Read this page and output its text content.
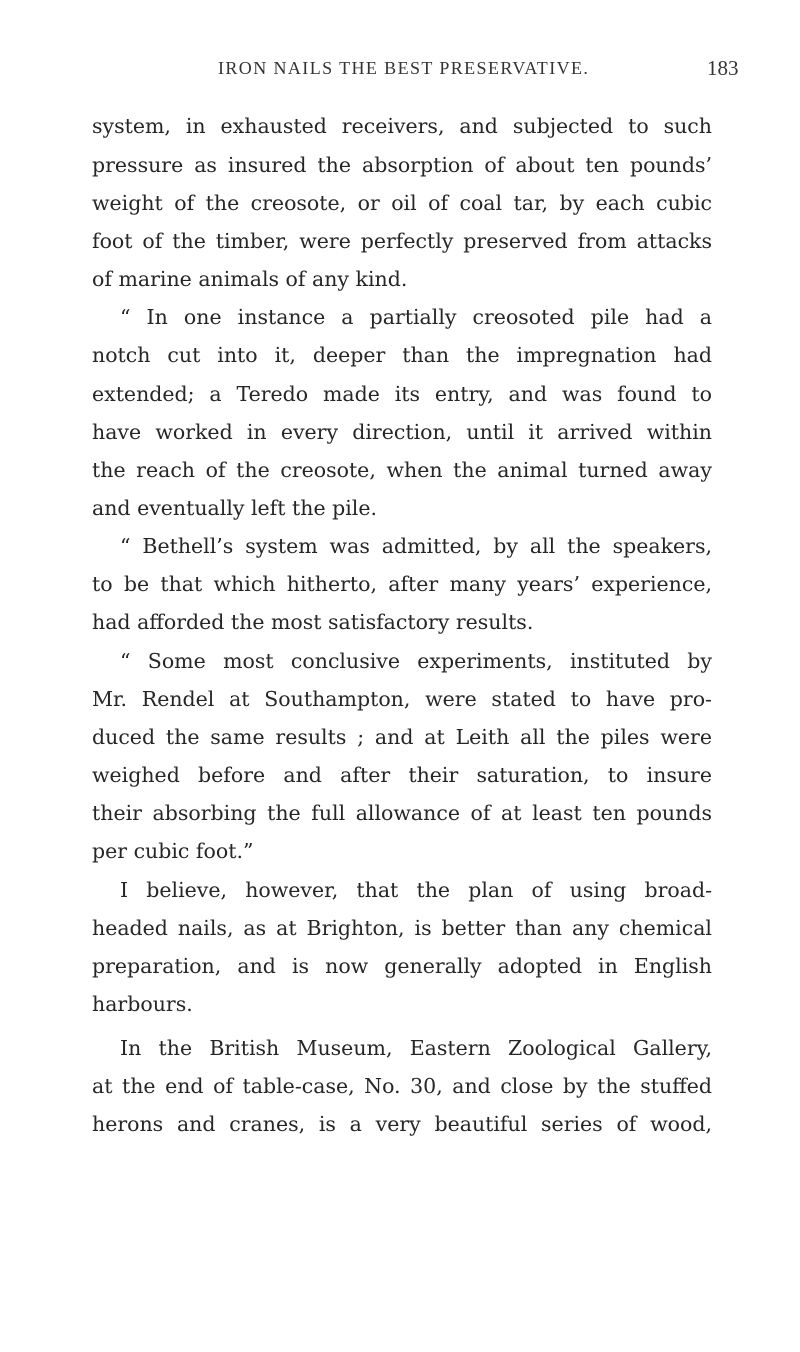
IRON NAILS THE BEST PRESERVATIVE.	183
system, in exhausted receivers, and subjected to such
pressure as insured the absorption of about ten pounds’
weight of the creosote, or oil of coal tar, by each cubic
foot of the timber, were perfectly preserved from attacks
of marine animals of any kind.
“ In one instance a partially creosoted pile had a
notch cut into it, deeper than the impregnation had
extended; a Teredo made its entry, and was found to
have worked in every direction, until it arrived within
the reach of the creosote, when the animal turned away
and eventually left the pile.
“ Bethell’s system was admitted, by all the speakers,
to be that which hitherto, after many years’ experience,
had afforded the most satisfactory results.
“ Some most conclusive experiments, instituted by
Mr. Rendel at Southampton, were stated to have pro-
duced the same results ; and at Leith all the piles were
weighed before and after their saturation, to insure
their absorbing the full allowance of at least ten pounds
per cubic foot.”
I believe, however, that the plan of using broad-
headed nails, as at Brighton, is better than any chemical
preparation, and is now generally adopted in English
harbours.
In the British Museum, Eastern Zoological Gallery,
at the end of table-case, No. 30, and close by the stuffed
herons and cranes, is a very beautiful series of wood,
